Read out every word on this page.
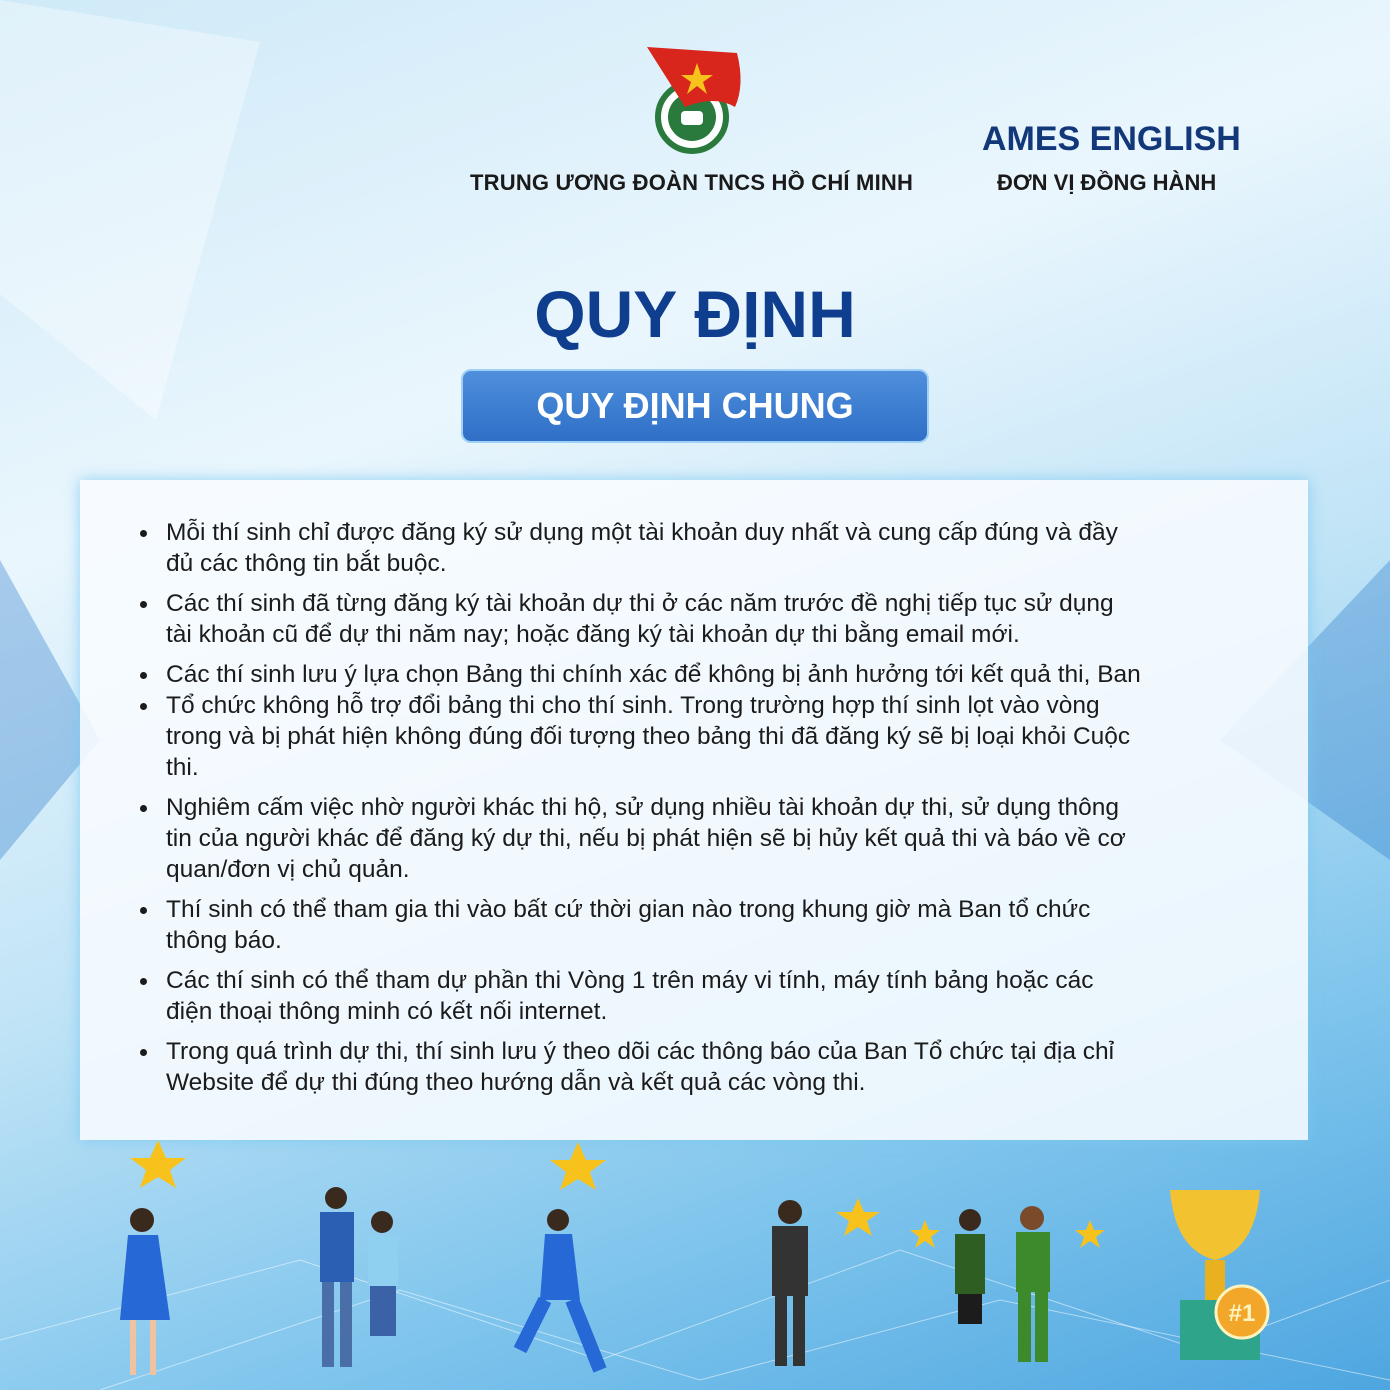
TRUNG ƯƠNG ĐOÀN TNCS HỒ CHÍ MINH
AMES ENGLISH
ĐƠN VỊ ĐỒNG HÀNH
QUY ĐỊNH
QUY ĐỊNH CHUNG
Mỗi thí sinh chỉ được đăng ký sử dụng một tài khoản duy nhất và cung cấp đúng và đầy
đủ các thông tin bắt buộc.
Các thí sinh đã từng đăng ký tài khoản dự thi ở các năm trước đề nghị tiếp tục sử dụng
tài khoản cũ để dự thi năm nay; hoặc đăng ký tài khoản dự thi bằng email mới.
Các thí sinh lưu ý lựa chọn Bảng thi chính xác để không bị ảnh hưởng tới kết quả thi, Ban
Tổ chức không hỗ trợ đổi bảng thi cho thí sinh. Trong trường hợp thí sinh lọt vào vòng
trong và bị phát hiện không đúng đối tượng theo bảng thi đã đăng ký sẽ bị loại khỏi Cuộc
thi.
Nghiêm cấm việc nhờ người khác thi hộ, sử dụng nhiều tài khoản dự thi, sử dụng thông
tin của người khác để đăng ký dự thi, nếu bị phát hiện sẽ bị hủy kết quả thi và báo về cơ
quan/đơn vị chủ quản.
Thí sinh có thể tham gia thi vào bất cứ thời gian nào trong khung giờ mà Ban tổ chức
thông báo.
Các thí sinh có thể tham dự phần thi Vòng 1 trên máy vi tính, máy tính bảng hoặc các
điện thoại thông minh có kết nối internet.
Trong quá trình dự thi, thí sinh lưu ý theo dõi các thông báo của Ban Tổ chức tại địa chỉ
Website để dự thi đúng theo hướng dẫn và kết quả các vòng thi.
#1
